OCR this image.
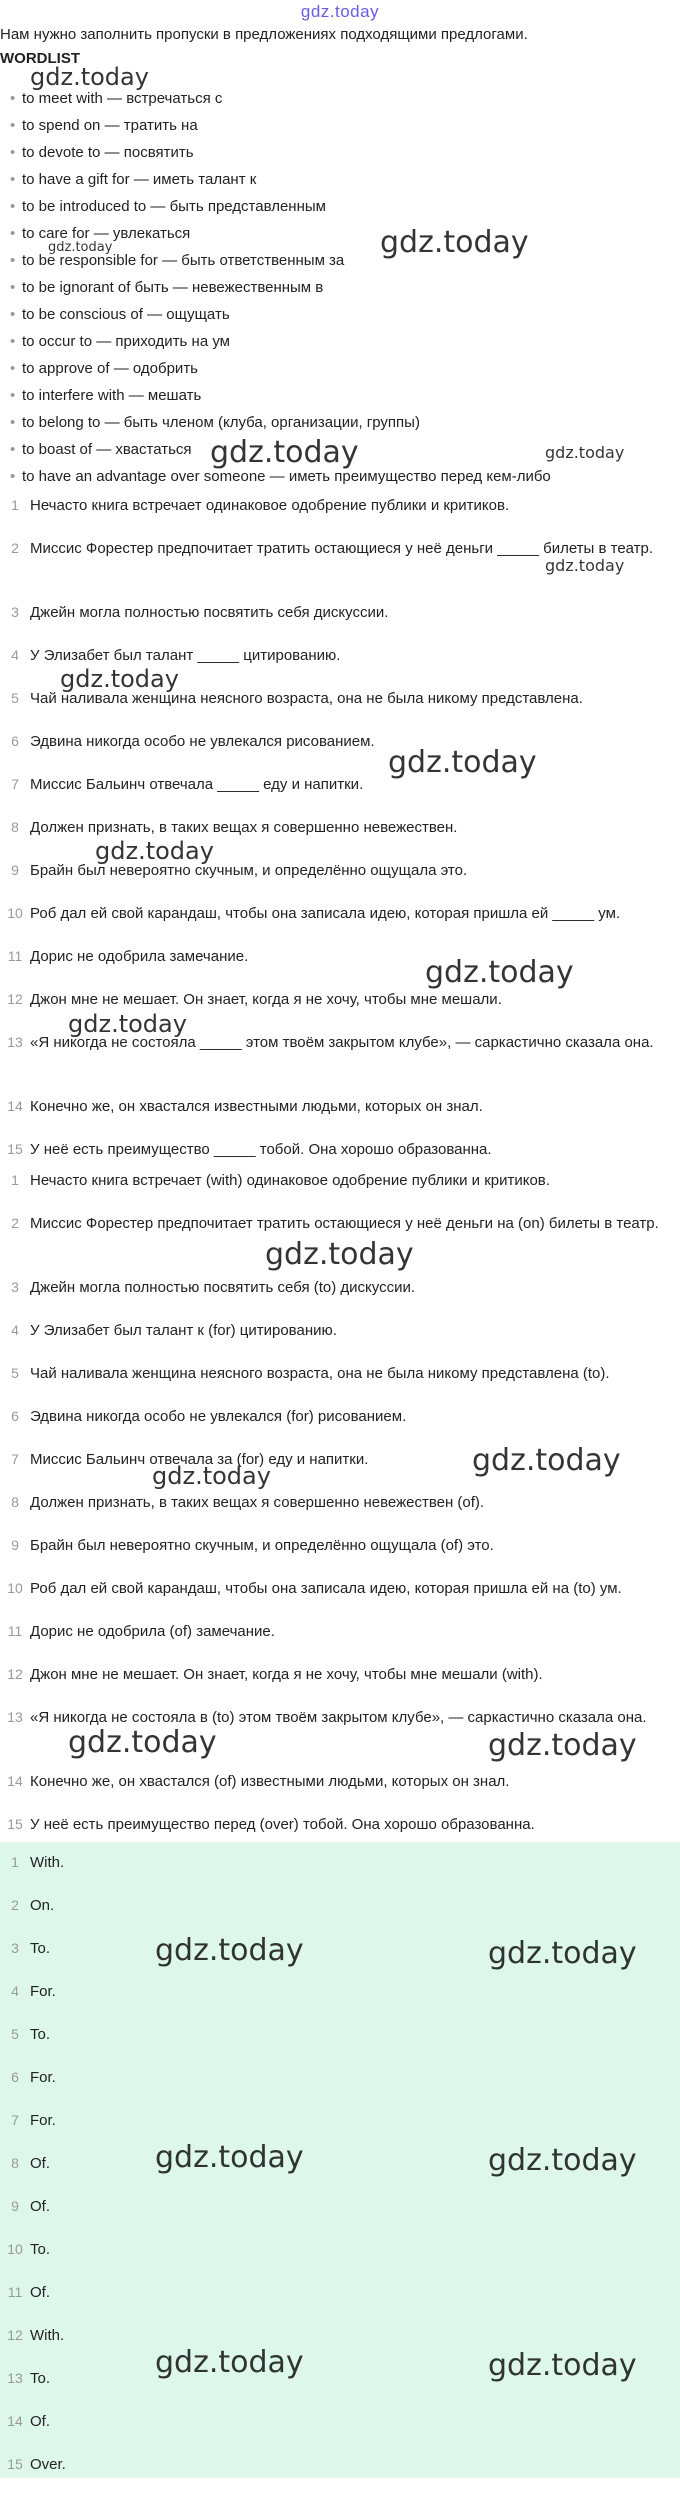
gdz.today
Нам нужно заполнить пропуски в предложениях подходящими предлогами.
WORDLIST
• to meet with — встречаться с
• to spend on — тратить на
• to devote to — посвятить
• to have a gift for — иметь талант к
• to be introduced to — быть представленным
• to care for — увлекаться
• to be responsible for — быть ответственным за
• to be ignorant of быть — невежественным в
• to be conscious of — ощущать
• to occur to — приходить на ум
• to approve of — одобрить
• to interfere with — мешать
• to belong to — быть членом (клуба, организации, группы)
• to boast of — хвастаться
• to have an advantage over someone — иметь преимущество перед кем-либо
1 Нечасто книга встречает одинаковое одобрение публики и критиков.
2 Миссис Форестер предпочитает тратить остающиеся у неё деньги _____ билеты в театр.
3 Джейн могла полностью посвятить себя дискуссии.
4 У Элизабет был талант _____ цитированию.
5 Чай наливала женщина неясного возраста, она не была никому представлена.
6 Эдвина никогда особо не увлекался рисованием.
7 Миссис Бальинч отвечала _____ еду и напитки.
8 Должен признать, в таких вещах я совершенно невежествен.
9 Брайн был невероятно скучным, и определённо ощущала это.
10 Роб дал ей свой карандаш, чтобы она записала идею, которая пришла ей _____ ум.
11 Дорис не одобрила замечание.
12 Джон мне не мешает. Он знает, когда я не хочу, чтобы мне мешали.
13 «Я никогда не состояла _____ этом твоём закрытом клубе», — саркастично сказала она.
14 Конечно же, он хвастался известными людьми, которых он знал.
15 У неё есть преимущество _____ тобой. Она хорошо образованна.
1 Нечасто книга встречает (with) одинаковое одобрение публики и критиков.
2 Миссис Форестер предпочитает тратить остающиеся у неё деньги на (on) билеты в театр.
3 Джейн могла полностью посвятить себя (to) дискуссии.
4 У Элизабет был талант к (for) цитированию.
5 Чай наливала женщина неясного возраста, она не была никому представлена (to).
6 Эдвина никогда особо не увлекался (for) рисованием.
7 Миссис Бальинч отвечала за (for) еду и напитки.
8 Должен признать, в таких вещах я совершенно невежествен (of).
9 Брайн был невероятно скучным, и определённо ощущала (of) это.
10 Роб дал ей свой карандаш, чтобы она записала идею, которая пришла ей на (to) ум.
11 Дорис не одобрила (of) замечание.
12 Джон мне не мешает. Он знает, когда я не хочу, чтобы мне мешали (with).
13 «Я никогда не состояла в (to) этом твоём закрытом клубе», — саркастично сказала она.
14 Конечно же, он хвастался (of) известными людьми, которых он знал.
15 У неё есть преимущество перед (over) тобой. Она хорошо образованна.
1 With.
2 On.
3 To.
4 For.
5 To.
6 For.
7 For.
8 Of.
9 Of.
10 To.
11 Of.
12 With.
13 To.
14 Of.
15 Over.
gdz.today
gdz.today
gdz.today
gdz.today	gdz.today
gdz.today
gdz.today
gdz.today
gdz.today
gdz.today
gdz.today
gdz.today
gdz.today
gdz.today
gdz.today	gdz.today
gdz.today	gdz.today
gdz.today	gdz.today
gdz.today	gdz.today
